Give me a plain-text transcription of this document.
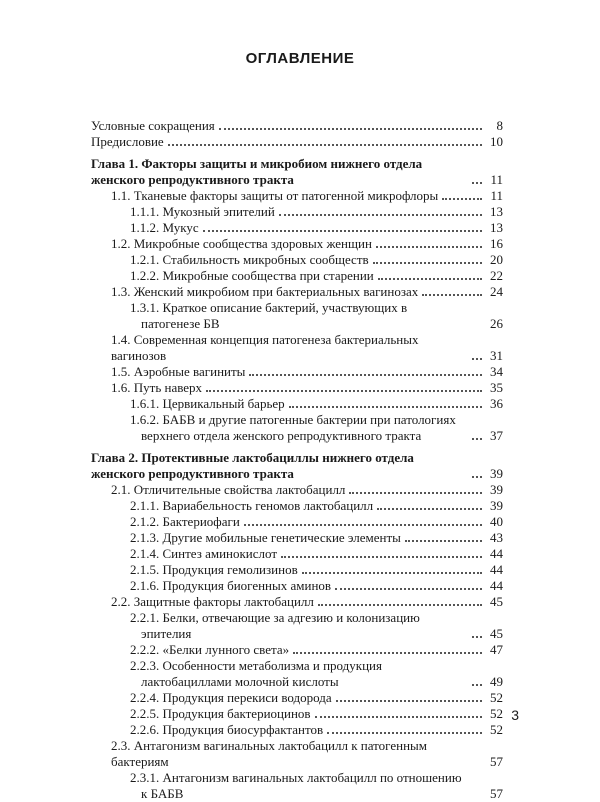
ОГЛАВЛЕНИЕ
Условные сокращения	8
Предисловие	10
Глава 1. Факторы защиты и микробиом нижнего отдела женского репродуктивного тракта	11
1.1. Тканевые факторы защиты от патогенной микрофлоры	11
1.1.1. Мукозный эпителий	13
1.1.2. Мукус	13
1.2. Микробные сообщества здоровых женщин	16
1.2.1. Стабильность микробных сообществ	20
1.2.2. Микробные сообщества при старении	22
1.3. Женский микробиом при бактериальных вагинозах	24
1.3.1. Краткое описание бактерий, участвующих в патогенезе БВ	26
1.4. Современная концепция патогенеза бактериальных вагинозов	31
1.5. Аэробные вагиниты	34
1.6. Путь наверх	35
1.6.1. Цервикальный барьер	36
1.6.2. БАБВ и другие патогенные бактерии при патологиях верхнего отдела женского репродуктивного тракта	37
Глава 2. Протективные лактобациллы нижнего отдела женского репродуктивного тракта	39
2.1. Отличительные свойства лактобацилл	39
2.1.1. Вариабельность геномов лактобацилл	39
2.1.2. Бактериофаги	40
2.1.3. Другие мобильные генетические элементы	43
2.1.4. Синтез аминокислот	44
2.1.5. Продукция гемолизинов	44
2.1.6. Продукция биогенных аминов	44
2.2. Защитные факторы лактобацилл	45
2.2.1. Белки, отвечающие за адгезию и колонизацию эпителия	45
2.2.2. «Белки лунного света»	47
2.2.3. Особенности метаболизма и продукция лактобациллами молочной кислоты	49
2.2.4. Продукция перекиси водорода	52
2.2.5. Продукция бактериоцинов	52
2.2.6. Продукция биосурфактантов	52
2.3. Антагонизм вагинальных лактобацилл к патогенным бактериям	57
2.3.1. Антагонизм вагинальных лактобацилл по отношению к БАБВ	57
3
